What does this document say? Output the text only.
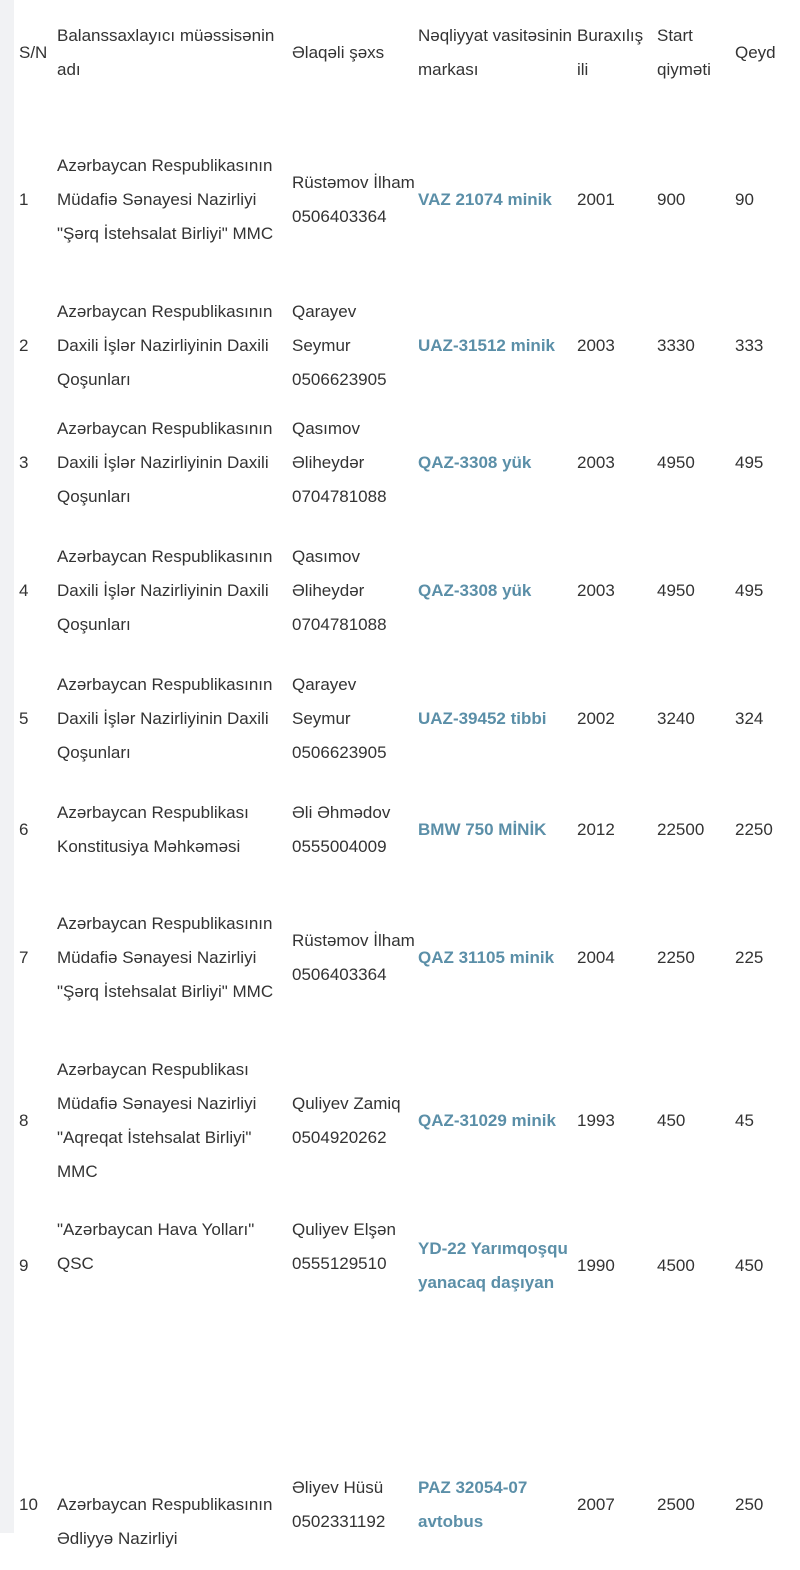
S/N	Balanssaxlayıcı müəssisənin adı	Əlaqəli şəxs	Nəqliyyat vasitəsinin markası	Buraxılış ili	Start qiyməti	Qeyd
1	Azərbaycan Respublikasının Müdafiə Sənayesi Nazirliyi "Şərq İstehsalat Birliyi" MMC	Rüstəmov İlham 0506403364	VAZ 21074 minik	2001	900	90
2	Azərbaycan Respublikasının Daxili İşlər Nazirliyinin Daxili Qoşunları	Qarayev Seymur 0506623905	UAZ-31512 minik	2003	3330	333
3	Azərbaycan Respublikasının Daxili İşlər Nazirliyinin Daxili Qoşunları	Qasımov Əliheydər 0704781088	QAZ-3308 yük	2003	4950	495
4	Azərbaycan Respublikasının Daxili İşlər Nazirliyinin Daxili Qoşunları	Qasımov Əliheydər 0704781088	QAZ-3308 yük	2003	4950	495
5	Azərbaycan Respublikasının Daxili İşlər Nazirliyinin Daxili Qoşunları	Qarayev Seymur 0506623905	UAZ-39452 tibbi	2002	3240	324
6	Azərbaycan Respublikası Konstitusiya Məhkəməsi	Əli Əhmədov 0555004009	BMW 750 MİNİK	2012	22500	2250
7	Azərbaycan Respublikasının Müdafiə Sənayesi Nazirliyi "Şərq İstehsalat Birliyi" MMC	Rüstəmov İlham 0506403364	QAZ 31105 minik	2004	2250	225
8	Azərbaycan Respublikası Müdafiə Sənayesi Nazirliyi "Aqreqat İstehsalat Birliyi" MMC	Quliyev Zamiq 0504920262	QAZ-31029 minik	1993	450	45
9	"Azərbaycan Hava Yolları" QSC	Quliyev Elşən 0555129510	YD-22 Yarımqoşqu yanacaq daşıyan	1990	4500	450
10	Azərbaycan Respublikasının Ədliyyə Nazirliyi	Əliyev Hüsü 0502331192	PAZ 32054-07 avtobus	2007	2500	250
